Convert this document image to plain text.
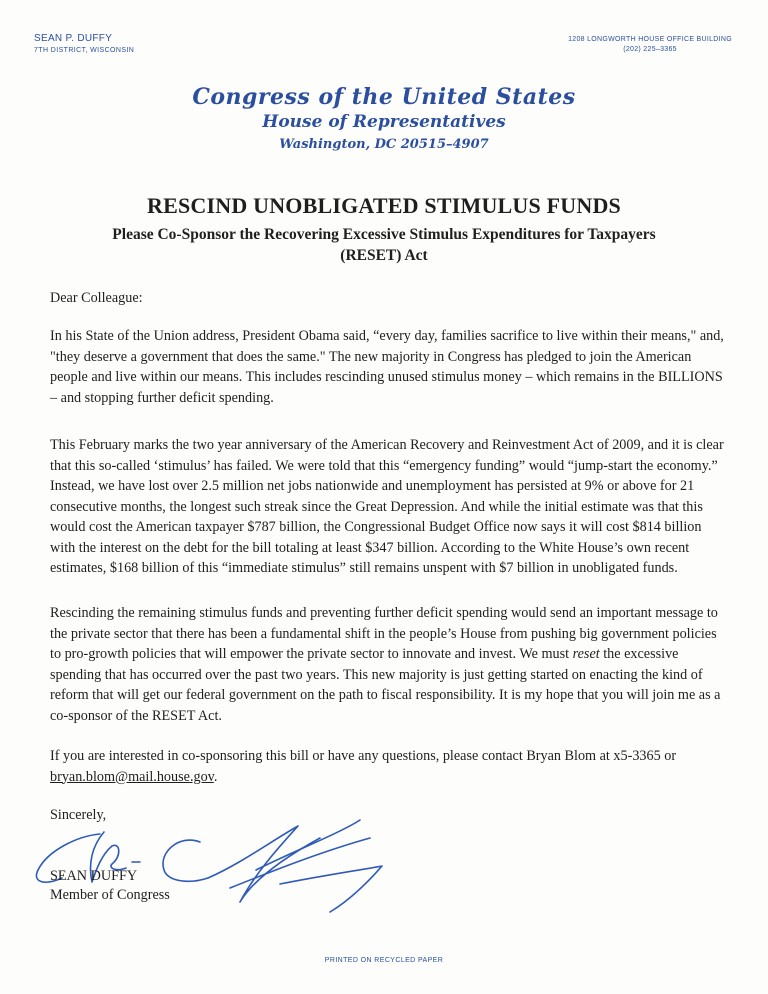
SEAN P. DUFFY
7TH DISTRICT, WISCONSIN
1208 LONGWORTH HOUSE OFFICE BUILDING
(202) 225–3365
Congress of the United States
House of Representatives
Washington, DC 20515–4907
RESCIND UNOBLIGATED STIMULUS FUNDS
Please Co-Sponsor the Recovering Excessive Stimulus Expenditures for Taxpayers (RESET) Act
Dear Colleague:
In his State of the Union address, President Obama said, “every day, families sacrifice to live within their means," and, "they deserve a government that does the same." The new majority in Congress has pledged to join the American people and live within our means. This includes rescinding unused stimulus money – which remains in the BILLIONS – and stopping further deficit spending.
This February marks the two year anniversary of the American Recovery and Reinvestment Act of 2009, and it is clear that this so-called ‘stimulus’ has failed. We were told that this “emergency funding” would “jump-start the economy.” Instead, we have lost over 2.5 million net jobs nationwide and unemployment has persisted at 9% or above for 21 consecutive months, the longest such streak since the Great Depression. And while the initial estimate was that this would cost the American taxpayer $787 billion, the Congressional Budget Office now says it will cost $814 billion with the interest on the debt for the bill totaling at least $347 billion. According to the White House’s own recent estimates, $168 billion of this “immediate stimulus” still remains unspent with $7 billion in unobligated funds.
Rescinding the remaining stimulus funds and preventing further deficit spending would send an important message to the private sector that there has been a fundamental shift in the people’s House from pushing big government policies to pro-growth policies that will empower the private sector to innovate and invest. We must reset the excessive spending that has occurred over the past two years. This new majority is just getting started on enacting the kind of reform that will get our federal government on the path to fiscal responsibility. It is my hope that you will join me as a co-sponsor of the RESET Act.
If you are interested in co-sponsoring this bill or have any questions, please contact Bryan Blom at x5-3365 or bryan.blom@mail.house.gov.
Sincerely,
SEAN DUFFY
Member of Congress
PRINTED ON RECYCLED PAPER
